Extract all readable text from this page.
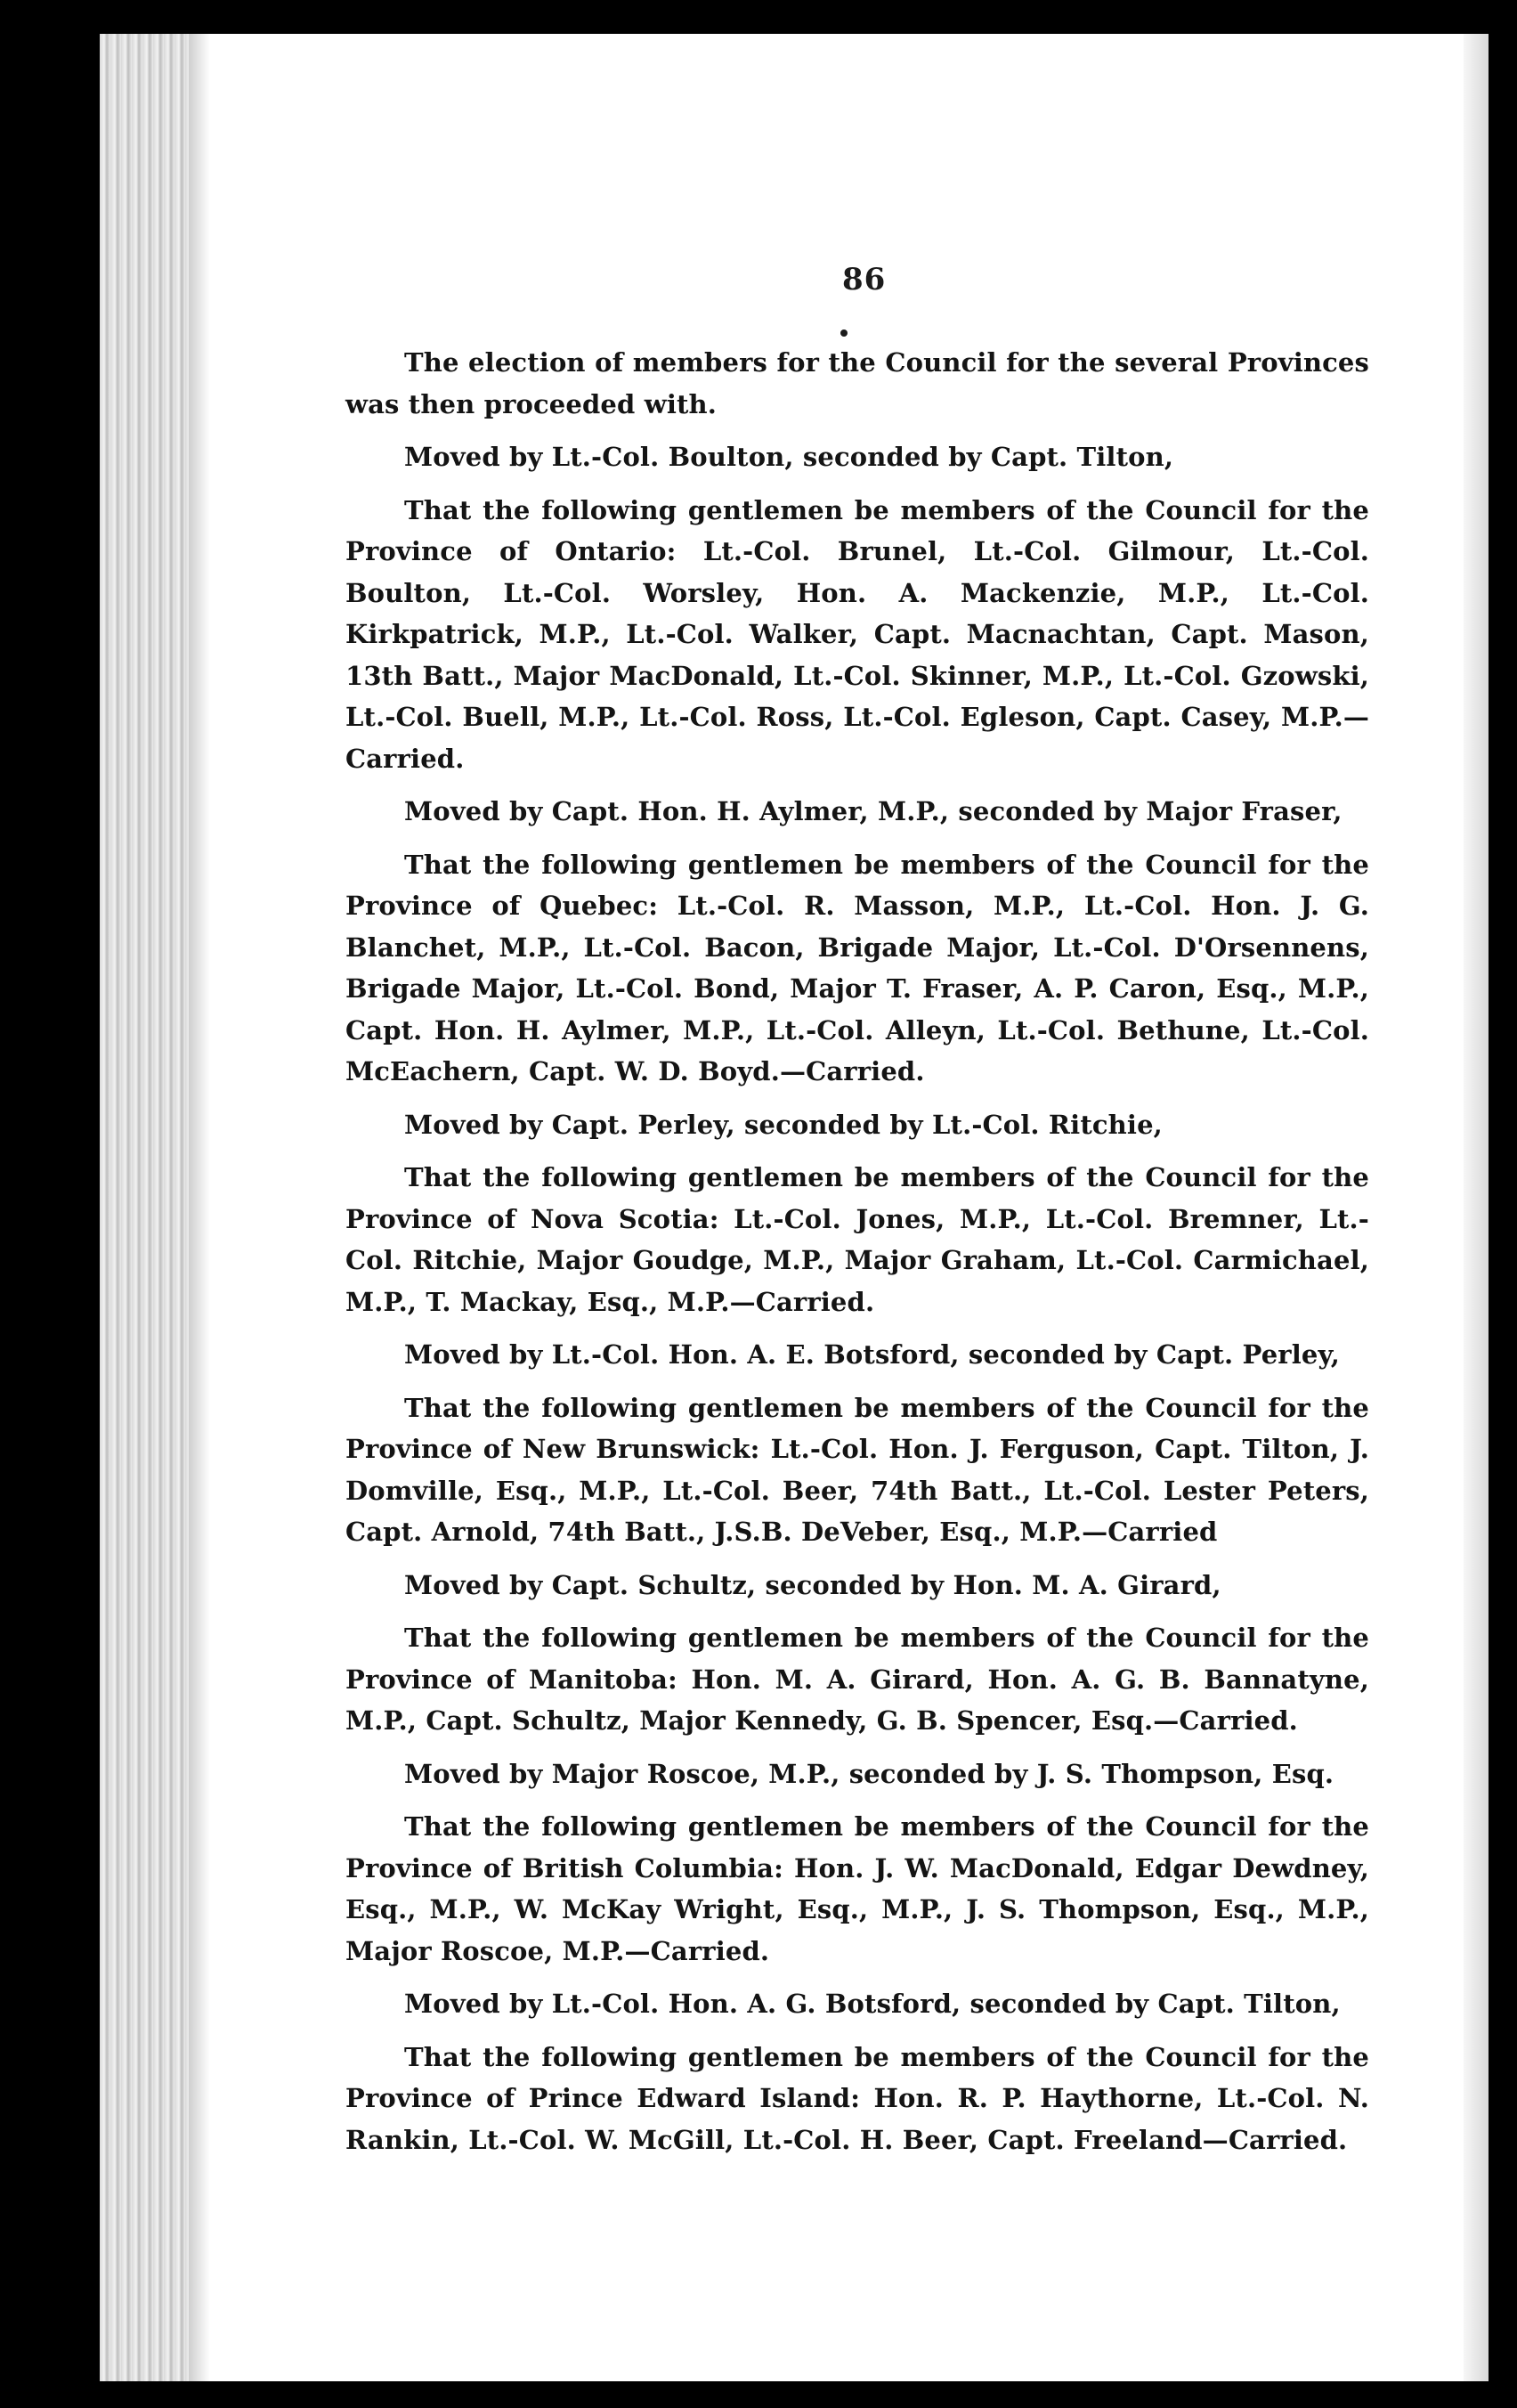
86

The election of members for the Council for the several Provinces was then proceeded with.

Moved by Lt.-Col. Boulton, seconded by Capt. Tilton,

That the following gentlemen be members of the Council for the Province of Ontario: Lt.-Col. Brunel, Lt.-Col. Gilmour, Lt.-Col. Boulton, Lt.-Col. Worsley, Hon. A. Mackenzie, M.P., Lt.-Col. Kirkpatrick, M.P., Lt.-Col. Walker, Capt. Macnachtan, Capt. Mason, 13th Batt., Major MacDonald, Lt.-Col. Skinner, M.P., Lt.-Col. Gzowski, Lt.-Col. Buell, M.P., Lt.-Col. Ross, Lt.-Col. Egleson, Capt. Casey, M.P.—Carried.

Moved by Capt. Hon. H. Aylmer, M.P., seconded by Major Fraser,

That the following gentlemen be members of the Council for the Province of Quebec: Lt.-Col. R. Masson, M.P., Lt.-Col. Hon. J. G. Blanchet, M.P., Lt.-Col. Bacon, Brigade Major, Lt.-Col. D'Orsennens, Brigade Major, Lt.-Col. Bond, Major T. Fraser, A. P. Caron, Esq., M.P., Capt. Hon. H. Aylmer, M.P., Lt.-Col. Alleyn, Lt.-Col. Bethune, Lt.-Col. McEachern, Capt. W. D. Boyd.—Carried.

Moved by Capt. Perley, seconded by Lt.-Col. Ritchie,

That the following gentlemen be members of the Council for the Province of Nova Scotia: Lt.-Col. Jones, M.P., Lt.-Col. Bremner, Lt.-Col. Ritchie, Major Goudge, M.P., Major Graham, Lt.-Col. Carmichael, M.P., T. Mackay, Esq., M.P.—Carried.

Moved by Lt.-Col. Hon. A. E. Botsford, seconded by Capt. Perley,

That the following gentlemen be members of the Council for the Province of New Brunswick: Lt.-Col. Hon. J. Ferguson, Capt. Tilton, J. Domville, Esq., M.P., Lt.-Col. Beer, 74th Batt., Lt.-Col. Lester Peters, Capt. Arnold, 74th Batt., J.S.B. DeVeber, Esq., M.P.—Carried

Moved by Capt. Schultz, seconded by Hon. M. A. Girard,

That the following gentlemen be members of the Council for the Province of Manitoba: Hon. M. A. Girard, Hon. A. G. B. Bannatyne, M.P., Capt. Schultz, Major Kennedy, G. B. Spencer, Esq.—Carried.

Moved by Major Roscoe, M.P., seconded by J. S. Thompson, Esq.

That the following gentlemen be members of the Council for the Province of British Columbia: Hon. J. W. MacDonald, Edgar Dewdney, Esq., M.P., W. McKay Wright, Esq., M.P., J. S. Thompson, Esq., M.P., Major Roscoe, M.P.—Carried.

Moved by Lt.-Col. Hon. A. G. Botsford, seconded by Capt. Tilton,

That the following gentlemen be members of the Council for the Province of Prince Edward Island: Hon. R. P. Haythorne, Lt.-Col. N. Rankin, Lt.-Col. W. McGill, Lt.-Col. H. Beer, Capt. Freeland—Carried.
